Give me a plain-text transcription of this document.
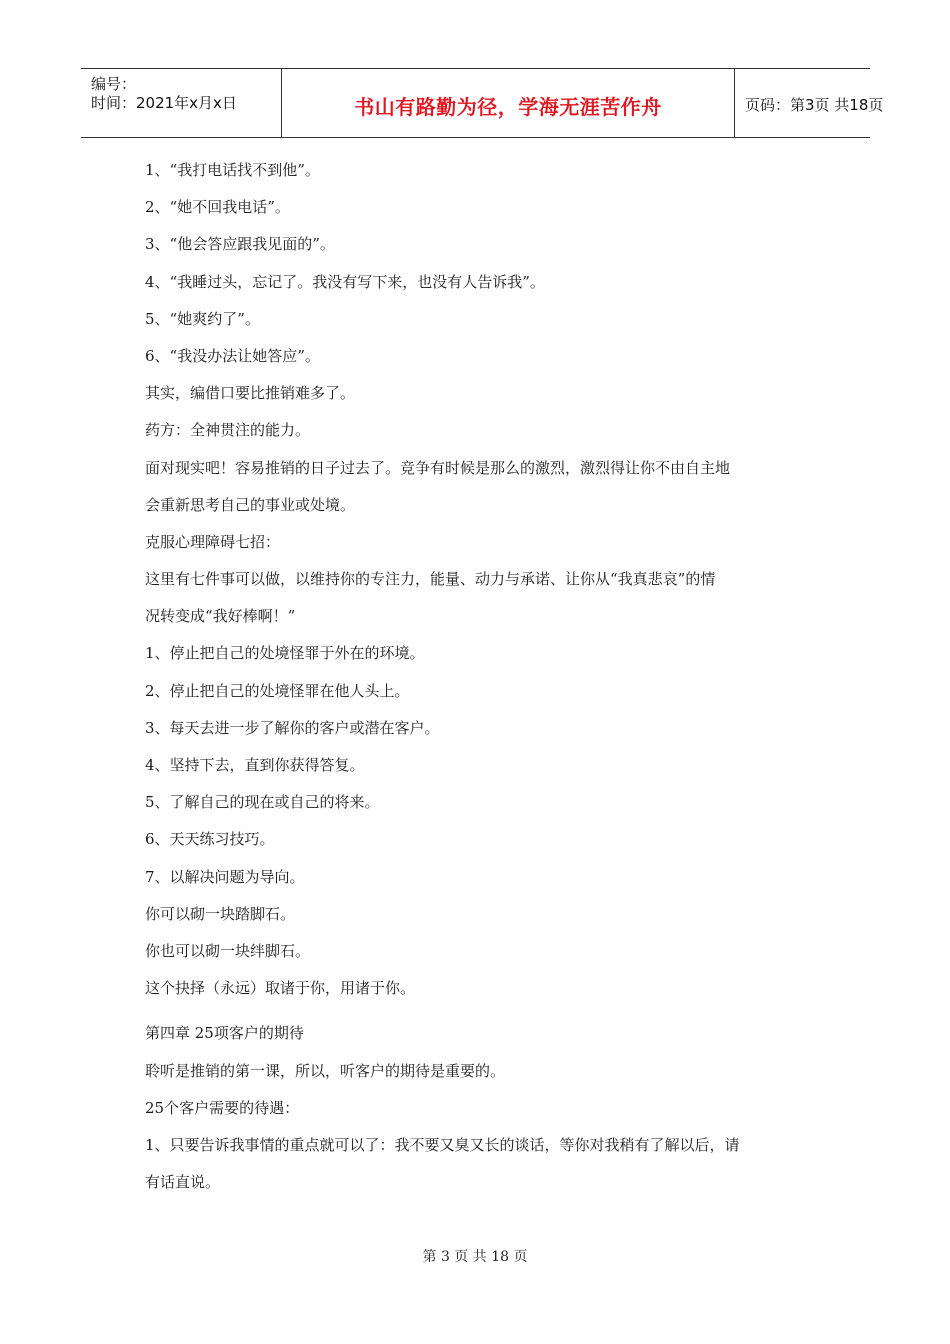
编号：
时间：2021年x月x日	书山有路勤为径，学海无涯苦作舟	页码：第3页 共18页
1、“我打电话找不到他”。
2、“她不回我电话”。
3、“他会答应跟我见面的”。
4、“我睡过头，忘记了。我没有写下来，也没有人告诉我”。
5、“她爽约了”。
6、“我没办法让她答应”。
其实，编借口要比推销难多了。
药方：全神贯注的能力。
面对现实吧！容易推销的日子过去了。竞争有时候是那么的激烈，激烈得让你不由自主地
会重新思考自己的事业或处境。
克服心理障碍七招：
这里有七件事可以做，以维持你的专注力，能量、动力与承诺、让你从“我真悲哀”的情
况转变成“我好棒啊！”
1、停止把自己的处境怪罪于外在的环境。
2、停止把自己的处境怪罪在他人头上。
3、每天去进一步了解你的客户或潜在客户。
4、坚持下去，直到你获得答复。
5、了解自己的现在或自己的将来。
6、天天练习技巧。
7、以解决问题为导向。
你可以砌一块踏脚石。
你也可以砌一块绊脚石。
这个抉择（永远）取诸于你，用诸于你。
第四章 25项客户的期待
聆听是推销的第一课，所以，听客户的期待是重要的。
25个客户需要的待遇：
1、只要告诉我事情的重点就可以了：我不要又臭又长的谈话，等你对我稍有了解以后，请
有话直说。
第 3 页 共 18 页
